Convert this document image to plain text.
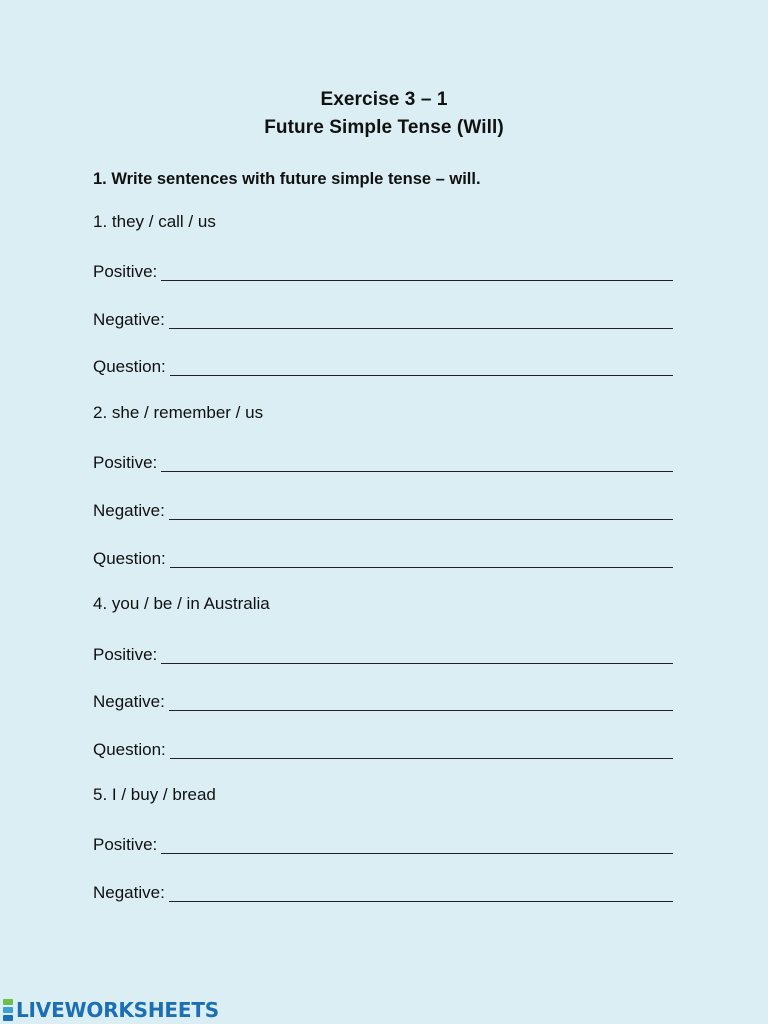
Exercise 3 – 1
Future Simple Tense (Will)
1. Write sentences with future simple tense – will.
1. they / call / us
Positive:
Negative:
Question:
2. she / remember / us
Positive:
Negative:
Question:
4. you / be / in Australia
Positive:
Negative:
Question:
5. I / buy / bread
Positive:
Negative:
LIVEWORKSHEETS
